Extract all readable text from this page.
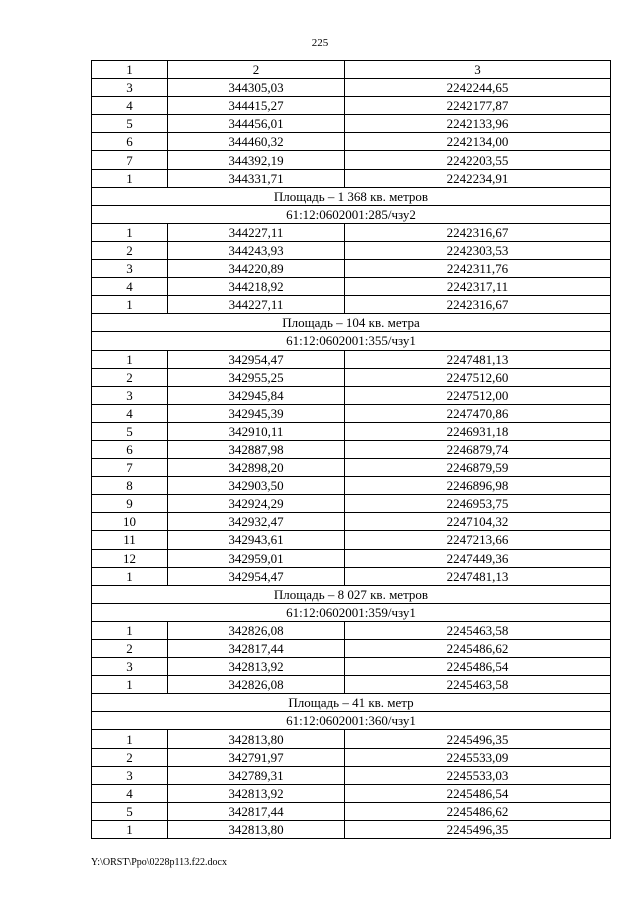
225
1	2	3
3	344305,03	2242244,65
4	344415,27	2242177,87
5	344456,01	2242133,96
6	344460,32	2242134,00
7	344392,19	2242203,55
1	344331,71	2242234,91
Площадь – 1 368 кв. метров		
61:12:0602001:285/чзу2		
1	344227,11	2242316,67
2	344243,93	2242303,53
3	344220,89	2242311,76
4	344218,92	2242317,11
1	344227,11	2242316,67
Площадь – 104 кв. метра		
61:12:0602001:355/чзу1		
1	342954,47	2247481,13
2	342955,25	2247512,60
3	342945,84	2247512,00
4	342945,39	2247470,86
5	342910,11	2246931,18
6	342887,98	2246879,74
7	342898,20	2246879,59
8	342903,50	2246896,98
9	342924,29	2246953,75
10	342932,47	2247104,32
11	342943,61	2247213,66
12	342959,01	2247449,36
1	342954,47	2247481,13
Площадь – 8 027 кв. метров		
61:12:0602001:359/чзу1		
1	342826,08	2245463,58
2	342817,44	2245486,62
3	342813,92	2245486,54
1	342826,08	2245463,58
Площадь – 41 кв. метр		
61:12:0602001:360/чзу1		
1	342813,80	2245496,35
2	342791,97	2245533,09
3	342789,31	2245533,03
4	342813,92	2245486,54
5	342817,44	2245486,62
1	342813,80	2245496,35
Y:\ORST\Ppo\0228p113.f22.docx
